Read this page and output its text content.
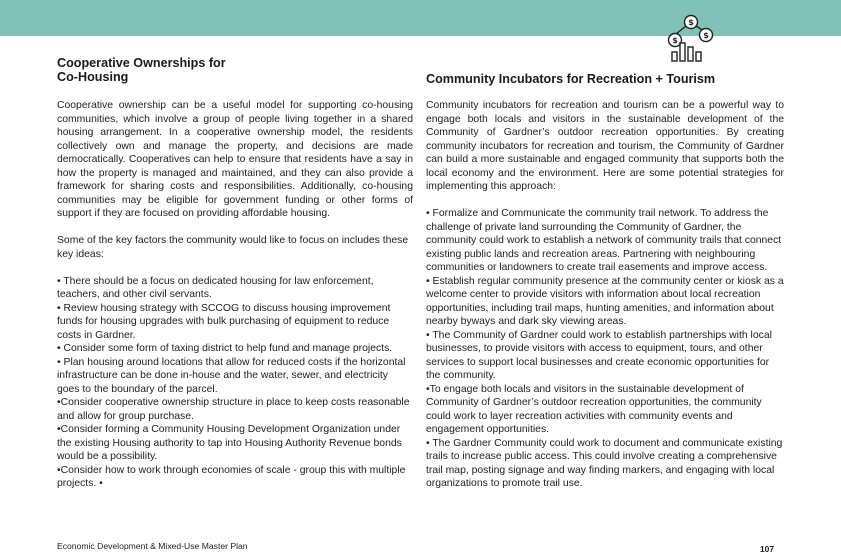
$
$
$
Cooperative Ownerships for
Co-Housing

Cooperative ownership can be a useful model for supporting co-housing communities, which involve a group of people living together in a shared housing arrangement. In a cooperative ownership model, the residents collectively own and manage the property, and decisions are made democratically. Cooperatives can help to ensure that residents have a say in how the property is managed and maintained, and they can also provide a framework for sharing costs and responsibilities. Additionally, co-housing communities may be eligible for government funding or other forms of support if they are focused on providing affordable housing.

Some of the key factors the community would like to focus on includes these key ideas:

• There should be a focus on dedicated housing for law enforcement, teachers, and other civil servants.
• Review housing strategy with SCCOG to discuss housing improvement funds for housing upgrades with bulk purchasing of equipment to reduce costs in Gardner.
• Consider some form of taxing district to help fund and manage projects.
• Plan housing around locations that allow for reduced costs if the horizontal infrastructure can be done in-house and the water, sewer, and electricity goes to the boundary of the parcel.
•Consider cooperative ownership structure in place to keep costs reasonable and allow for group purchase.
•Consider forming a Community Housing Development Organization under the existing Housing authority to tap into Housing Authority Revenue bonds would be a possibility.
•Consider how to work through economies of scale - group this with multiple projects. •
Community Incubators for Recreation + Tourism

Community incubators for recreation and tourism can be a powerful way to engage both locals and visitors in the sustainable development of the Community of Gardner’s outdoor recreation opportunities. By creating community incubators for recreation and tourism, the Community of Gardner can build a more sustainable and engaged community that supports both the local economy and the environment. Here are some potential strategies for implementing this approach:

• Formalize and Communicate the community trail network. To address the challenge of private land surrounding the Community of Gardner, the community could work to establish a network of community trails that connect existing public lands and recreation areas. Partnering with neighbouring communities or landowners to create trail easements and improve access.
• Establish regular community presence at the community center or kiosk as a welcome center to provide visitors with information about local recreation opportunities, including trail maps, hunting amenities, and information about nearby byways and dark sky viewing areas.
• The Community of Gardner could work to establish partnerships with local businesses, to provide visitors with access to equipment, tours, and other services to support local businesses and create economic opportunities for the community.
•To engage both locals and visitors in the sustainable development of Community of Gardner’s outdoor recreation opportunities, the community could work to layer recreation activities with community events and engagement opportunities.
• The Gardner Community could work to document and communicate existing trails to increase public access. This could involve creating a comprehensive trail map, posting signage and way finding markers, and engaging with local organizations to promote trail use.
Economic Development & Mixed-Use Master Plan	107
